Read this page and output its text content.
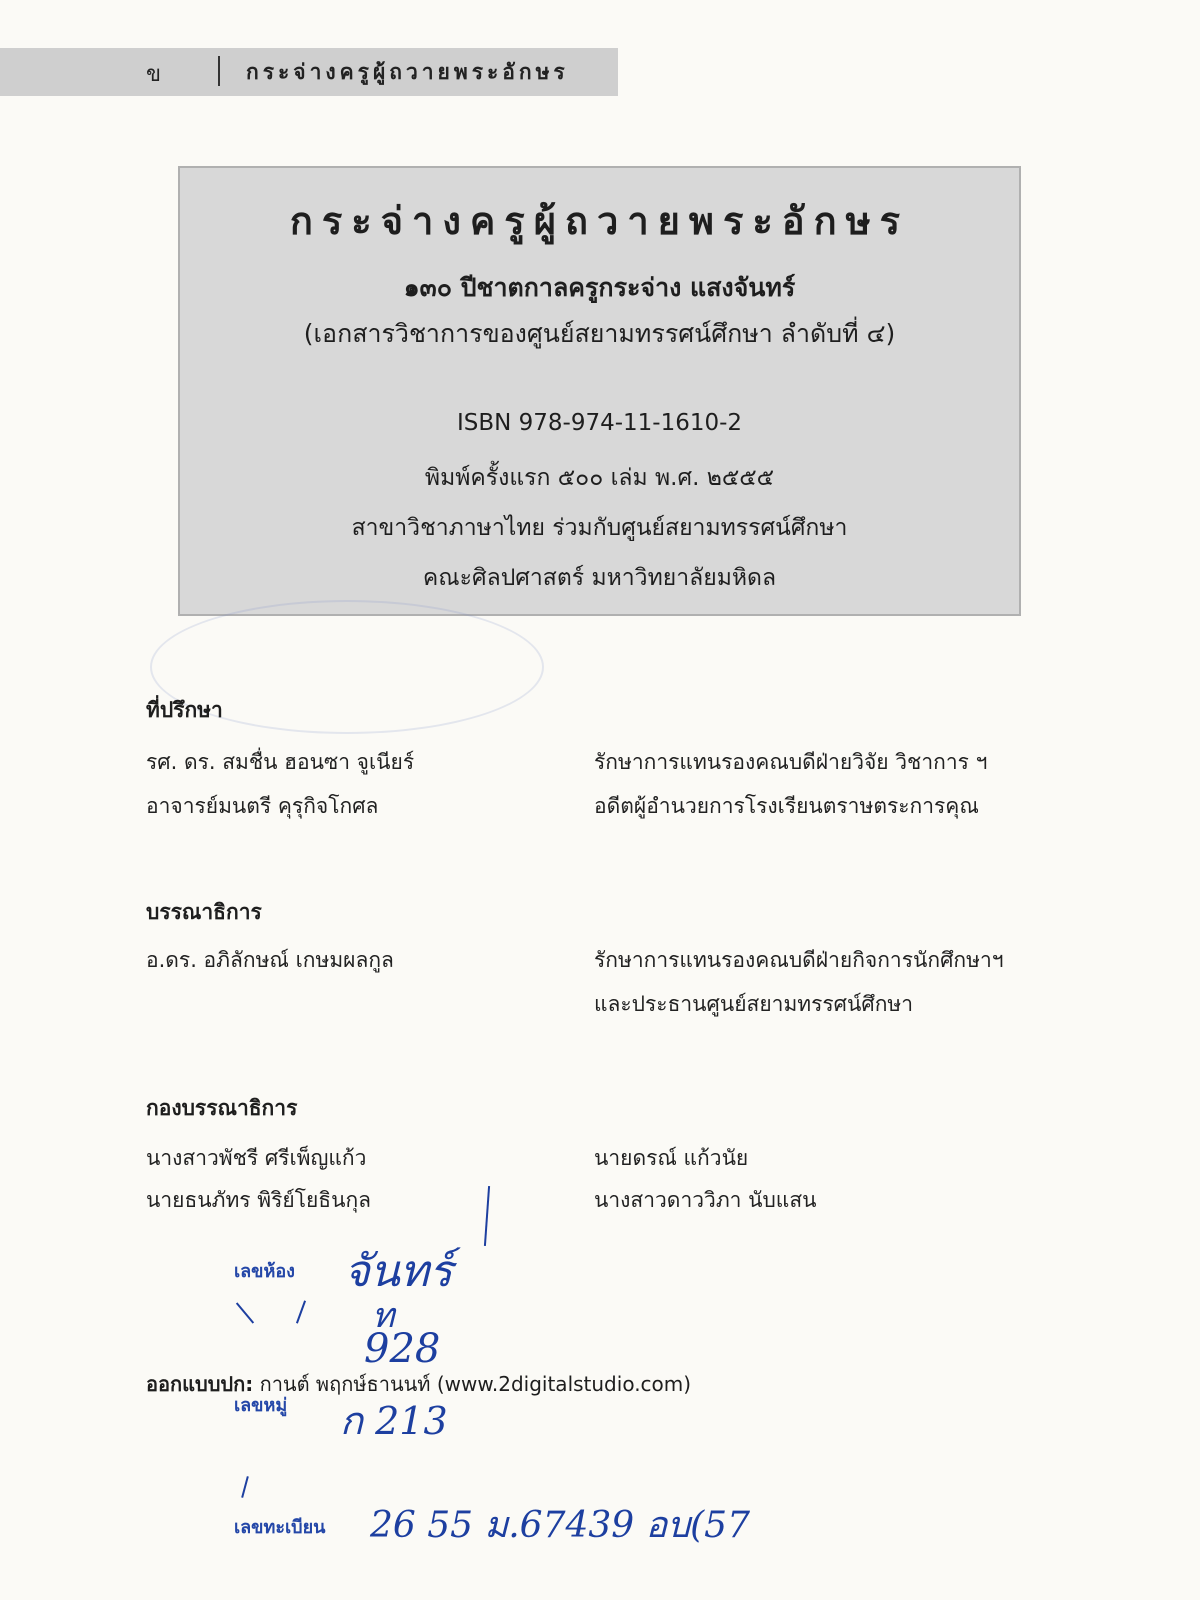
ข	กระจ่างครูผู้ถวายพระอักษร
กระจ่างครูผู้ถวายพระอักษร
๑๓๐ ปีชาตกาลครูกระจ่าง แสงจันทร์
(เอกสารวิชาการของศูนย์สยามทรรศน์ศึกษา ลำดับที่ ๔)
ISBN 978-974-11-1610-2
พิมพ์ครั้งแรก ๕๐๐ เล่ม พ.ศ. ๒๕๕๕
สาขาวิชาภาษาไทย ร่วมกับศูนย์สยามทรรศน์ศึกษา
คณะศิลปศาสตร์ มหาวิทยาลัยมหิดล
ที่ปรึกษา
รศ. ดร. สมชื่น ฮอนซา จูเนียร์	รักษาการแทนรองคณบดีฝ่ายวิจัย วิชาการ ฯ
อาจารย์มนตรี คุรุกิจโกศล	อดีตผู้อำนวยการโรงเรียนตราษตระการคุณ
บรรณาธิการ
อ.ดร. อภิลักษณ์ เกษมผลกูล	รักษาการแทนรองคณบดีฝ่ายกิจการนักศึกษาฯ
และประธานศูนย์สยามทรรศน์ศึกษา
กองบรรณาธิการ
นางสาวพัชรี ศรีเพ็ญแก้ว	นายดรณ์ แก้วนัย
นายธนภัทร พิริย์โยธินกุล	นางสาวดาววิภา นับแสน
ออกแบบปก: กานต์ พฤกษ์ธานนท์ (www.2digitalstudio.com)
เลขห้อง จันทร์
ท
928
เลขหมู่ ก 213
เลขทะเบียน 26 55 ม.67439 อบ(57
